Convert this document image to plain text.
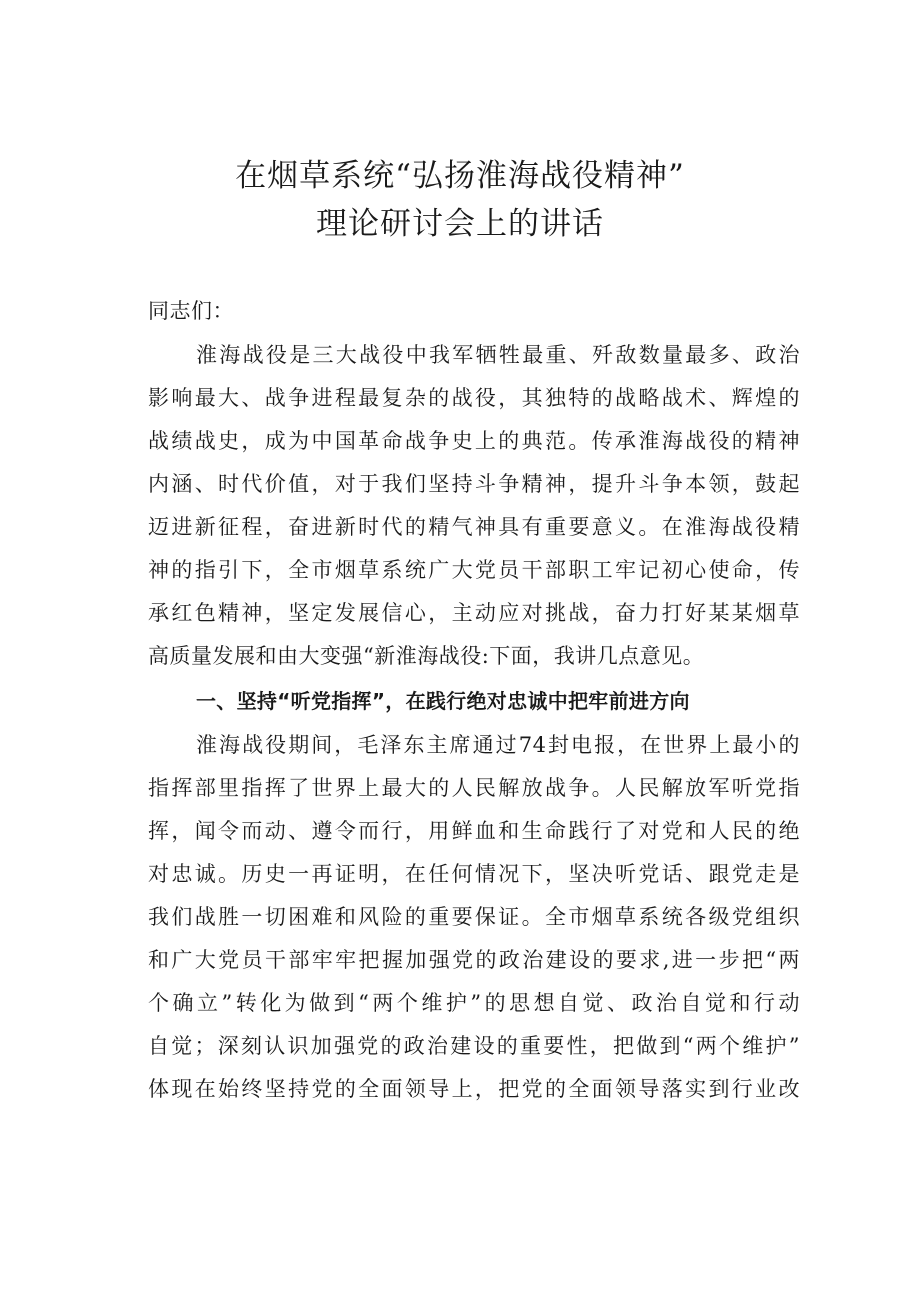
在烟草系统“弘扬淮海战役精神”
理论研讨会上的讲话
同志们：
淮海战役是三大战役中我军牺牲最重、歼敌数量最多、政治
影响最大、战争进程最复杂的战役，其独特的战略战术、辉煌的
战绩战史，成为中国革命战争史上的典范。传承淮海战役的精神
内涵、时代价值，对于我们坚持斗争精神，提升斗争本领，鼓起
迈进新征程，奋进新时代的精气神具有重要意义。在淮海战役精
神的指引下，全市烟草系统广大党员干部职工牢记初心使命，传
承红色精神，坚定发展信心，主动应对挑战，奋力打好某某烟草
高质量发展和由大变强“新淮海战役:下面，我讲几点意见。
一、坚持“听党指挥”，在践行绝对忠诚中把牢前进方向
淮海战役期间，毛泽东主席通过74封电报，在世界上最小的
指挥部里指挥了世界上最大的人民解放战争。人民解放军听党指
挥，闻令而动、遵令而行，用鲜血和生命践行了对党和人民的绝
对忠诚。历史一再证明，在任何情况下，坚决听党话、跟党走是
我们战胜一切困难和风险的重要保证。全市烟草系统各级党组织
和广大党员干部牢牢把握加强党的政治建设的要求,进一步把“两
个确立”转化为做到“两个维护”的思想自觉、政治自觉和行动
自觉；深刻认识加强党的政治建设的重要性，把做到“两个维护”
体现在始终坚持党的全面领导上，把党的全面领导落实到行业改
